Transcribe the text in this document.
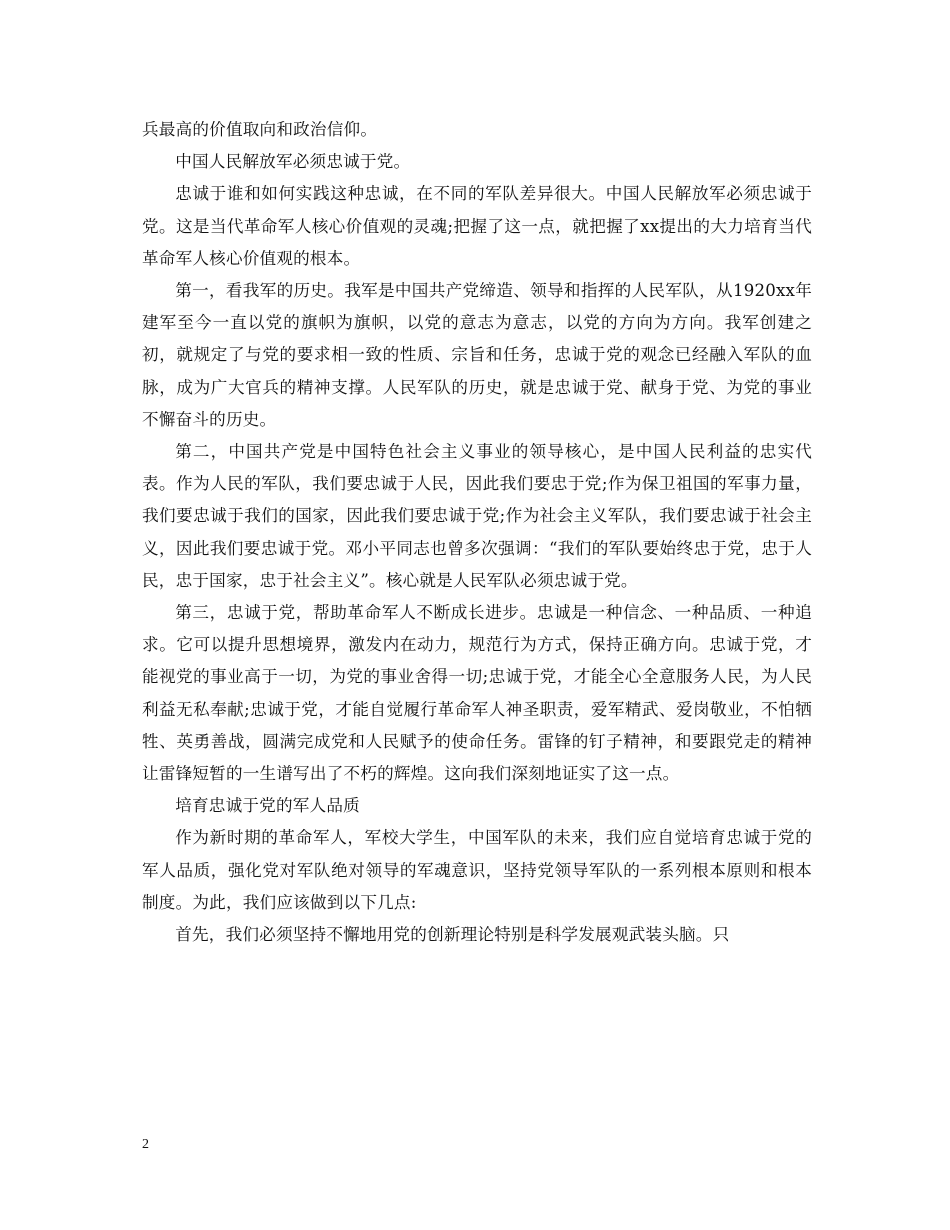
兵最高的价值取向和政治信仰。

中国人民解放军必须忠诚于党。

忠诚于谁和如何实践这种忠诚，在不同的军队差异很大。中国人民解放军必须忠诚于党。这是当代革命军人核心价值观的灵魂;把握了这一点，就把握了xx提出的大力培育当代革命军人核心价值观的根本。

第一，看我军的历史。我军是中国共产党缔造、领导和指挥的人民军队，从1920xx年建军至今一直以党的旗帜为旗帜，以党的意志为意志，以党的方向为方向。我军创建之初，就规定了与党的要求相一致的性质、宗旨和任务，忠诚于党的观念已经融入军队的血脉，成为广大官兵的精神支撑。人民军队的历史，就是忠诚于党、献身于党、为党的事业不懈奋斗的历史。

第二，中国共产党是中国特色社会主义事业的领导核心，是中国人民利益的忠实代表。作为人民的军队，我们要忠诚于人民，因此我们要忠于党;作为保卫祖国的军事力量，我们要忠诚于我们的国家，因此我们要忠诚于党;作为社会主义军队，我们要忠诚于社会主义，因此我们要忠诚于党。邓小平同志也曾多次强调：“我们的军队要始终忠于党，忠于人民，忠于国家，忠于社会主义”。核心就是人民军队必须忠诚于党。

第三，忠诚于党，帮助革命军人不断成长进步。忠诚是一种信念、一种品质、一种追求。它可以提升思想境界，激发内在动力，规范行为方式，保持正确方向。忠诚于党，才能视党的事业高于一切，为党的事业舍得一切;忠诚于党，才能全心全意服务人民，为人民利益无私奉献;忠诚于党，才能自觉履行革命军人神圣职责，爱军精武、爱岗敬业，不怕牺牲、英勇善战，圆满完成党和人民赋予的使命任务。雷锋的钉子精神，和要跟党走的精神让雷锋短暂的一生谱写出了不朽的辉煌。这向我们深刻地证实了这一点。

培育忠诚于党的军人品质

作为新时期的革命军人，军校大学生，中国军队的未来，我们应自觉培育忠诚于党的军人品质，强化党对军队绝对领导的军魂意识，坚持党领导军队的一系列根本原则和根本制度。为此，我们应该做到以下几点:

首先，我们必须坚持不懈地用党的创新理论特别是科学发展观武装头脑。只

2
